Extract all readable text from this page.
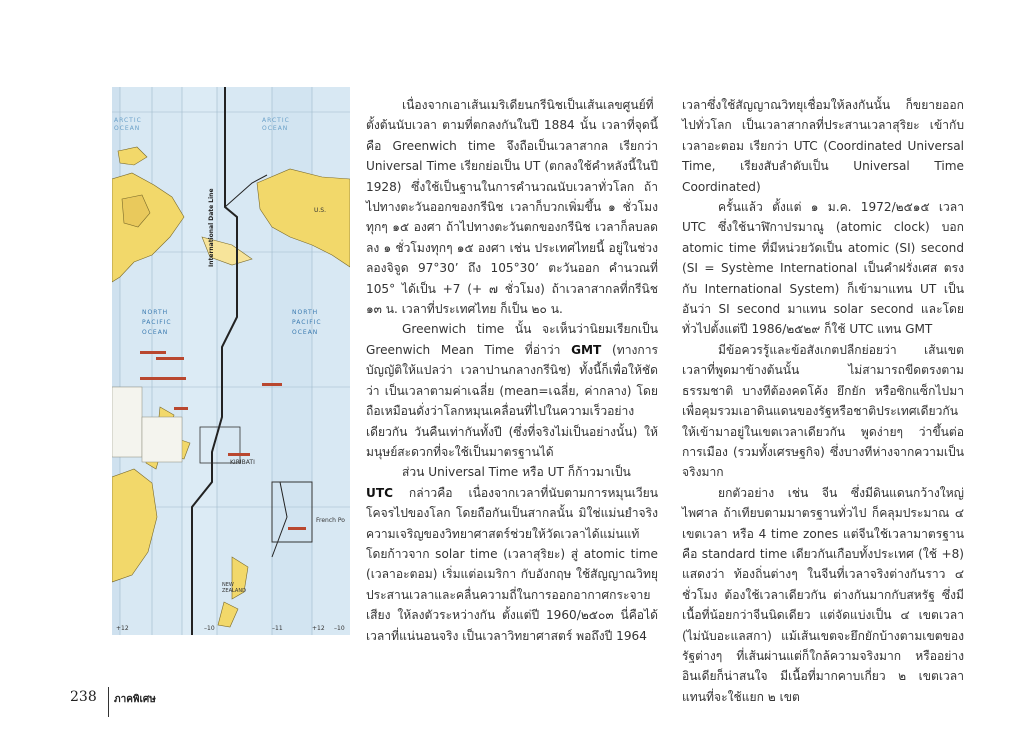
ARCTIC
OCEAN
ARCTIC
OCEAN
U.S.
NORTH
PACIFIC
OCEAN
NORTH
PACIFIC
OCEAN
International Date Line
KIRIBATI
NEW ZEALAND
French Po
+12	–10	–11	+12 –10

เนื่องจากเอาเส้นเมริเดียนกรีนิชเป็นเส้นเลขศูนย์ที่ตั้งต้นนับเวลา ตามที่ตกลงกันในปี 1884 นั้น เวลาที่จุดนี้ คือ Greenwich time จึงถือเป็นเวลาสากล เรียกว่า Universal Time เรียกย่อเป็น UT (ตกลงใช้คำหลังนี้ในปี 1928) ซึ่งใช้เป็นฐานในการคำนวณนับเวลาทั่วโลก ถ้าไปทางตะวันออกของกรีนิช เวลาก็บวกเพิ่มขึ้น ๑ ชั่วโมงทุกๆ ๑๕ องศา ถ้าไปทางตะวันตกของกรีนิช เวลาก็ลบลดลง ๑ ชั่วโมงทุกๆ ๑๕ องศา เช่น ประเทศไทยนี้ อยู่ในช่วงลองจิจูด 97°30’ ถึง 105°30’ ตะวันออก คำนวณที่ 105° ได้เป็น +7 (+ ๗ ชั่วโมง) ถ้าเวลาสากลที่กรีนิช ๑๓ น. เวลาที่ประเทศไทย ก็เป็น ๒๐ น.

Greenwich time นั้น จะเห็นว่านิยมเรียกเป็น Greenwich Mean Time ที่อ่าว่า GMT (ทางการบัญญัติให้แปลว่า เวลาปานกลางกรีนิช) ทั้งนี้ก็เพื่อให้ชัดว่า เป็นเวลาตามค่าเฉลี่ย (mean=เฉลี่ย, ค่ากลาง) โดยถือเหมือนดั่งว่าโลกหมุนเคลื่อนที่ไปในความเร็วอย่างเดียวกัน วันคืนเท่ากันทั้งปี (ซึ่งที่จริงไม่เป็นอย่างนั้น) ให้มนุษย์สะดวกที่จะใช้เป็นมาตรฐานได้

ส่วน Universal Time หรือ UT ก็ก้าวมาเป็น

UTC กล่าวคือ เนื่องจากเวลาที่นับตามการหมุนเวียนโคจรไปของโลก โดยถือกันเป็นสากลนั้น มิใช่แม่นยำจริง ความเจริญของวิทยาศาสตร์ช่วยให้วัดเวลาได้แม่นแท้ โดยก้าวจาก solar time (เวลาสุริยะ) สู่ atomic time (เวลาอะตอม) เริ่มแต่อเมริกา กับอังกฤษ ใช้สัญญาณวิทยุประสานเวลาและคลื่นความถี่ในการออกอากาศกระจายเสียง ให้ลงตัวระหว่างกัน ตั้งแต่ปี 1960/๒๕๐๓ นี่คือได้เวลาที่แน่นอนจริง เป็นเวลาวิทยาศาสตร์ พอถึงปี 1964

เวลาซึ่งใช้สัญญาณวิทยุเชื่อมให้ลงกันนั้น ก็ขยายออกไปทั่วโลก เป็นเวลาสากลที่ประสานเวลาสุริยะ เข้ากับเวลาอะตอม เรียกว่า UTC (Coordinated Universal Time, เรียงสับลำดับเป็น Universal Time Coordinated)

ครั้นแล้ว ตั้งแต่ ๑ ม.ค. 1972/๒๕๑๕ เวลา UTC ซึ่งใช้นาฬิกาปรมาณู (atomic clock) บอก atomic time ที่มีหน่วยวัดเป็น atomic (SI) second (SI = Système International เป็นคำฝรั่งเศส ตรงกับ International System) ก็เข้ามาแทน UT เป็นอันว่า SI second มาแทน solar second และโดยทั่วไปตั้งแต่ปี 1986/๒๕๒๙ ก็ใช้ UTC แทน GMT

มีข้อควรรู้และข้อสังเกตปลีกย่อยว่า เส้นเขตเวลาที่พูดมาข้างต้นนั้น ไม่สามารถขีดตรงตามธรรมชาติ บางทีต้องคดโค้ง ยึกยัก หรือซิกแซ็กไปมา เพื่อคุมรวมเอาดินแดนของรัฐหรือชาติประเทศเดียวกัน ให้เข้ามาอยู่ในเขตเวลาเดียวกัน พูดง่ายๆ ว่าขึ้นต่อการเมือง (รวมทั้งเศรษฐกิจ) ซึ่งบางทีห่างจากความเป็นจริงมาก

ยกตัวอย่าง เช่น จีน ซึ่งมีดินแดนกว้างใหญ่ไพศาล ถ้าเทียบตามมาตรฐานทั่วไป ก็คลุมประมาณ ๔ เขตเวลา หรือ 4 time zones แต่จีนใช้เวลามาตรฐาน คือ standard time เดียวกันเกือบทั้งประเทศ (ใช้ +8) แสดงว่า ท้องถิ่นต่างๆ ในจีนที่เวลาจริงต่างกันราว ๔ ชั่วโมง ต้องใช้เวลาเดียวกัน ต่างกันมากกับสหรัฐ ซึ่งมีเนื้อที่น้อยกว่าจีนนิดเดียว แต่จัดแบ่งเป็น ๔ เขตเวลา (ไม่นับอะแลสกา) แม้เส้นเขตจะยึกยักบ้างตามเขตของรัฐต่างๆ ที่เส้นผ่านแต่ก็ใกล้ความจริงมาก หรืออย่างอินเดียก็น่าสนใจ มีเนื้อที่มากคาบเกี่ยว ๒ เขตเวลา แทนที่จะใช้แยก ๒ เขต

238 ภาคพิเศษ
